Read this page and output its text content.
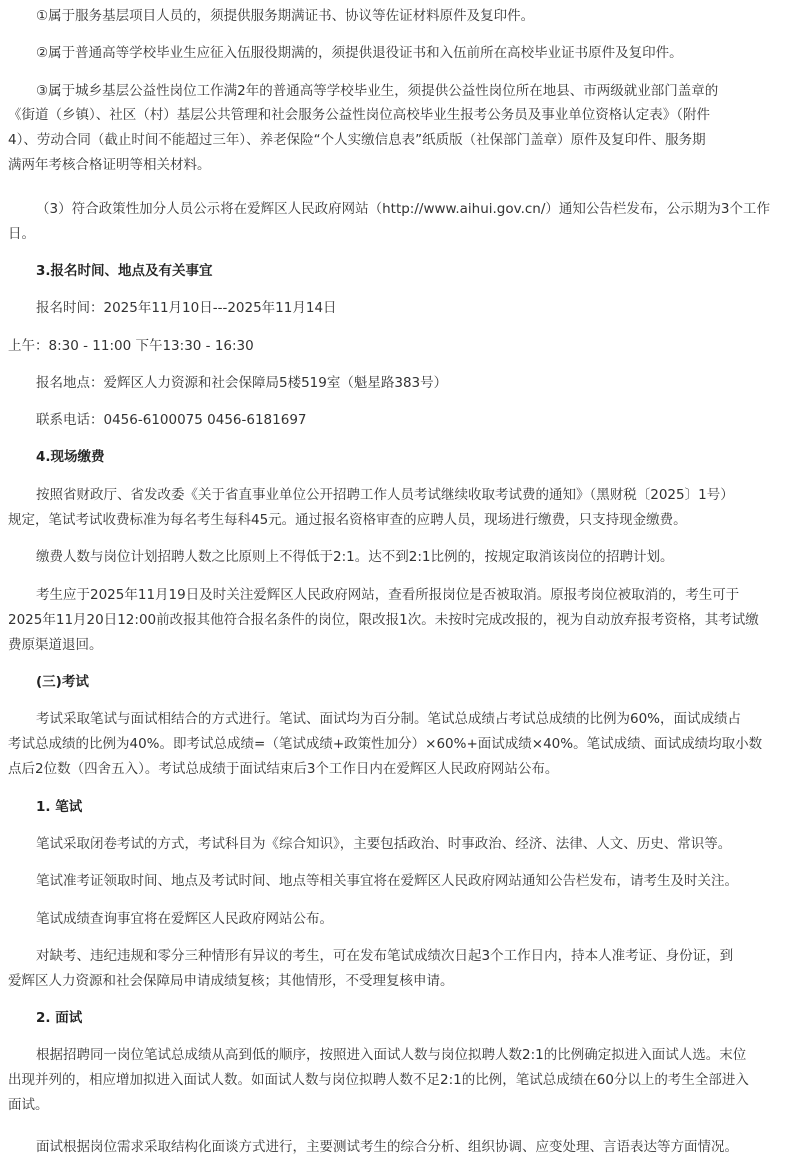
①属于服务基层项目人员的，须提供服务期满证书、协议等佐证材料原件及复印件。
②属于普通高等学校毕业生应征入伍服役期满的，须提供退役证书和入伍前所在高校毕业证书原件及复印件。
③属于城乡基层公益性岗位工作满2年的普通高等学校毕业生，须提供公益性岗位所在地县、市两级就业部门盖章的
《街道（乡镇）、社区（村）基层公共管理和社会服务公益性岗位高校毕业生报考公务员及事业单位资格认定表》（附件
4）、劳动合同（截止时间不能超过三年）、养老保险“个人实缴信息表”纸质版（社保部门盖章）原件及复印件、服务期
满两年考核合格证明等相关材料。
（3）符合政策性加分人员公示将在爱辉区人民政府网站（http://www.aihui.gov.cn/）通知公告栏发布，公示期为3个工作
日。
3.报名时间、地点及有关事宜
报名时间：2025年11月10日---2025年11月14日
上午：8:30 - 11:00 下午13:30 - 16:30
报名地点：爱辉区人力资源和社会保障局5楼519室（魁星路383号）
联系电话：0456-6100075 0456-6181697
4.现场缴费
按照省财政厅、省发改委《关于省直事业单位公开招聘工作人员考试继续收取考试费的通知》（黑财税〔2025〕1号）
规定，笔试考试收费标准为每名考生每科45元。通过报名资格审查的应聘人员，现场进行缴费，只支持现金缴费。
缴费人数与岗位计划招聘人数之比原则上不得低于2:1。达不到2:1比例的，按规定取消该岗位的招聘计划。
考生应于2025年11月19日及时关注爱辉区人民政府网站，查看所报岗位是否被取消。原报考岗位被取消的，考生可于
2025年11月20日12:00前改报其他符合报名条件的岗位，限改报1次。未按时完成改报的，视为自动放弃报考资格，其考试缴
费原渠道退回。
(三)考试
考试采取笔试与面试相结合的方式进行。笔试、面试均为百分制。笔试总成绩占考试总成绩的比例为60%，面试成绩占
考试总成绩的比例为40%。即考试总成绩=（笔试成绩+政策性加分）×60%+面试成绩×40%。笔试成绩、面试成绩均取小数
点后2位数（四舍五入）。考试总成绩于面试结束后3个工作日内在爱辉区人民政府网站公布。
1. 笔试
笔试采取闭卷考试的方式，考试科目为《综合知识》，主要包括政治、时事政治、经济、法律、人文、历史、常识等。
笔试准考证领取时间、地点及考试时间、地点等相关事宜将在爱辉区人民政府网站通知公告栏发布，请考生及时关注。
笔试成绩查询事宜将在爱辉区人民政府网站公布。
对缺考、违纪违规和零分三种情形有异议的考生，可在发布笔试成绩次日起3个工作日内，持本人准考证、身份证，到
爱辉区人力资源和社会保障局申请成绩复核；其他情形，不受理复核申请。
2. 面试
根据招聘同一岗位笔试总成绩从高到低的顺序，按照进入面试人数与岗位拟聘人数2:1的比例确定拟进入面试人选。末位
出现并列的，相应增加拟进入面试人数。如面试人数与岗位拟聘人数不足2:1的比例，笔试总成绩在60分以上的考生全部进入
面试。
面试根据岗位需求采取结构化面谈方式进行，主要测试考生的综合分析、组织协调、应变处理、言语表达等方面情况。
